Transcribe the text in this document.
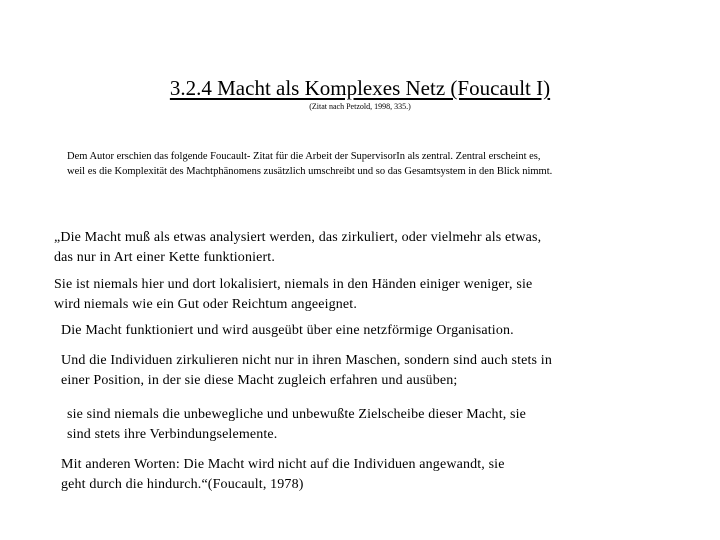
3.2.4 Macht als Komplexes Netz (Foucault I)
(Zitat nach Petzold, 1998, 335.)
Dem Autor erschien das folgende Foucault- Zitat für die Arbeit der SupervisorIn als zentral. Zentral erscheint es,
weil es die Komplexität des Machtphänomens zusätzlich umschreibt und so das Gesamtsystem in den Blick nimmt.
„Die Macht muß als etwas analysiert werden, das zirkuliert, oder vielmehr als etwas,
das nur in Art einer Kette funktioniert.
Sie ist niemals hier und dort lokalisiert, niemals in den Händen einiger weniger, sie
wird niemals wie ein Gut oder Reichtum angeeignet.
Die Macht funktioniert und wird ausgeübt über eine netzförmige Organisation.
Und die Individuen zirkulieren nicht nur in ihren Maschen, sondern sind auch stets in
einer Position, in der sie diese Macht zugleich erfahren und ausüben;
sie sind niemals die unbewegliche und unbewußte Zielscheibe dieser Macht, sie
sind stets ihre Verbindungselemente.
Mit anderen Worten: Die Macht wird nicht auf die Individuen angewandt, sie
geht durch die hindurch.“(Foucault, 1978)
